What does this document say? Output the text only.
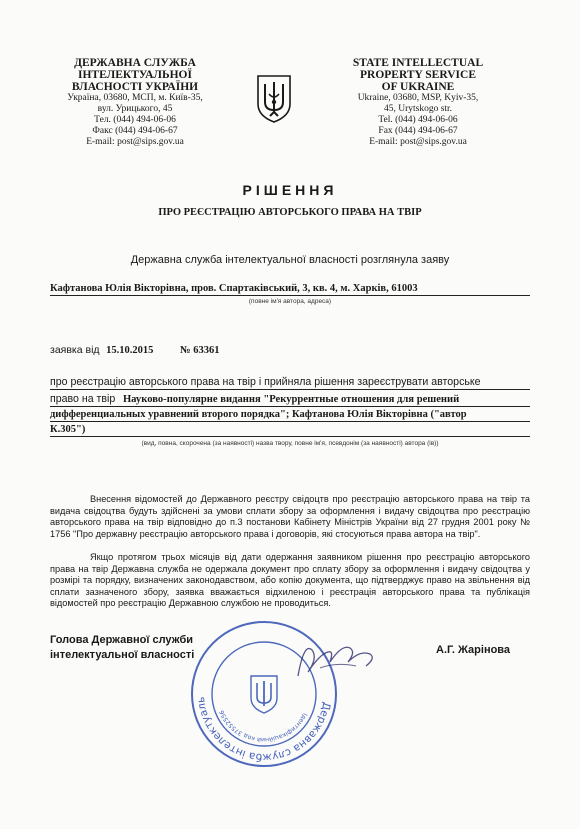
ДЕРЖАВНА СЛУЖБА
ІНТЕЛЕКТУАЛЬНОЇ
ВЛАСНОСТІ УКРАЇНИ
Україна, 03680, МСП, м. Київ-35,
вул. Урицького, 45
Тел. (044) 494-06-06
Факс (044) 494-06-67
E-mail: post@sips.gov.ua
STATE INTELLECTUAL
PROPERTY SERVICE
OF UKRAINE
Ukraine, 03680, MSP, Kyiv-35,
45, Urytskogo str.
Tel. (044) 494-06-06
Fax (044) 494-06-67
E-mail: post@sips.gov.ua
РІШЕННЯ
ПРО РЕЄСТРАЦІЮ АВТОРСЬКОГО ПРАВА НА ТВІР
Державна служба інтелектуальної власності розглянула заяву
Кафтанова Юлія Вікторівна, пров. Спартаківський, 3, кв. 4, м. Харків, 61003
(повне ім'я автора, адреса)
заявка від 15.10.2015	№ 63361
про реєстрацію авторського права на твір і прийняла рішення зареєструвати авторське
право на твір Науково-популярне видання "Рекуррентные отношения для решений
дифференциальных уравнений второго порядка"; Кафтанова Юлія Вікторівна ("автор
К.305")
(вид, повна, скорочена (за наявності) назва твору, повне ім'я, псевдонім (за наявності) автора (ів))
Внесення відомостей до Державного реєстру свідоцтв про реєстрацію авторського права на твір та видача свідоцтва будуть здійснені за умови сплати збору за оформлення і видачу свідоцтва про реєстрацію авторського права на твір відповідно до п.3 постанови Кабінету Міністрів України від 27 грудня 2001 року № 1756 "Про державну реєстрацію авторського права і договорів, які стосуються права автора на твір".
Якщо протягом трьох місяців від дати одержання заявником рішення про реєстрацію авторського права на твір Державна служба не одержала документ про сплату збору за оформлення і видачу свідоцтва у розмірі та порядку, визначених законодавством, або копію документа, що підтверджує право на звільнення від сплати зазначеного збору, заявка вважається відхиленою і реєстрація авторського права та публікація відомостей про реєстрацію Державною службою не проводиться.
Голова Державної служби
інтелектуальної власності
Державна служба інтелектуаль
Ідентифікаційний код 37552556
А.Г. Жарінова
